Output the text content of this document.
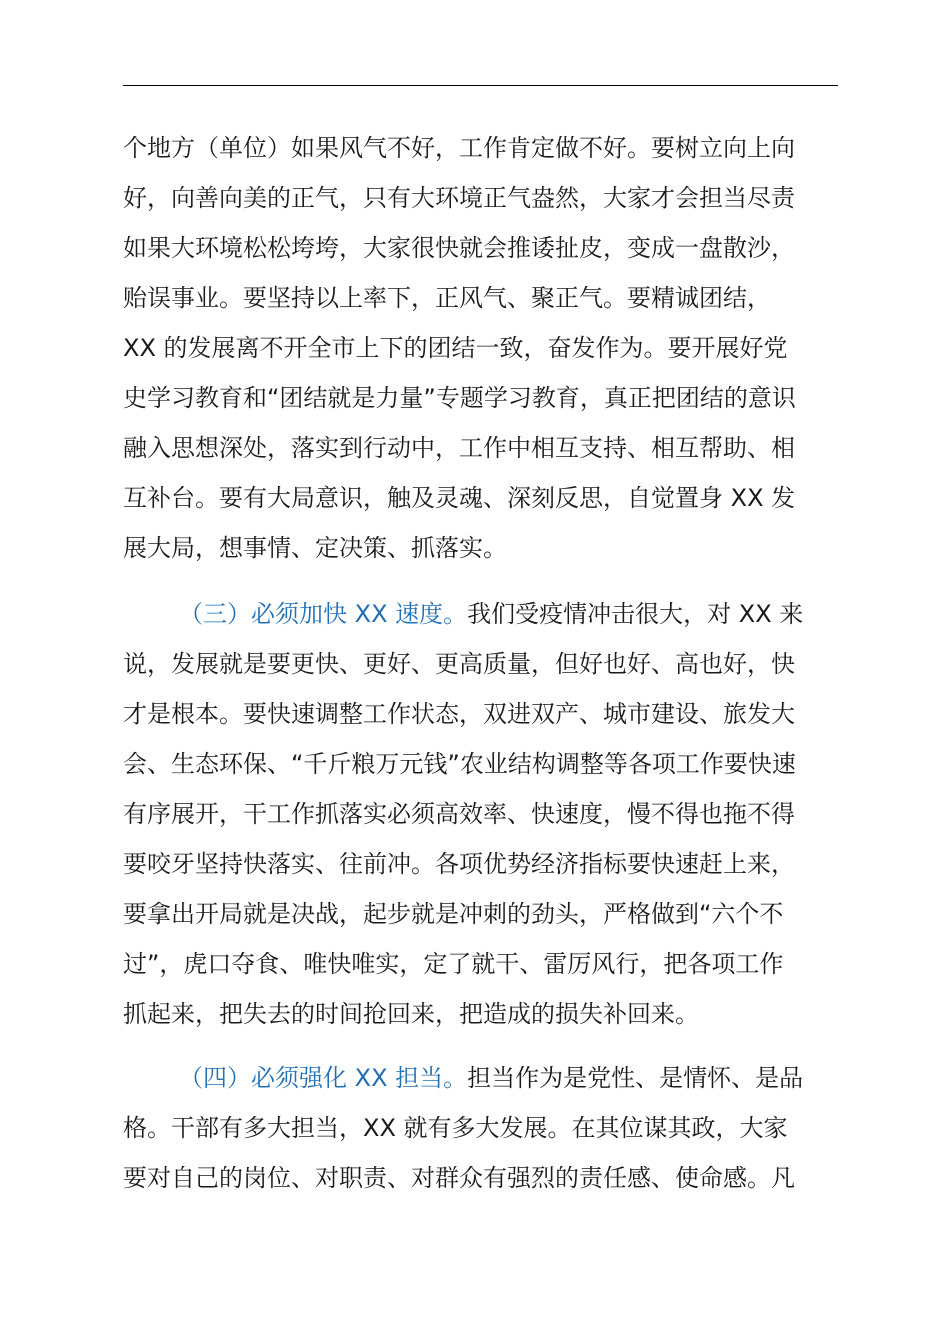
个地方（单位）如果风气不好，工作肯定做不好。要树立向上向
好，向善向美的正气，只有大环境正气盎然，大家才会担当尽责
如果大环境松松垮垮，大家很快就会推诿扯皮，变成一盘散沙，
贻误事业。要坚持以上率下，正风气、聚正气。要精诚团结，
XX 的发展离不开全市上下的团结一致，奋发作为。要开展好党
史学习教育和“团结就是力量”专题学习教育，真正把团结的意识
融入思想深处，落实到行动中，工作中相互支持、相互帮助、相
互补台。要有大局意识，触及灵魂、深刻反思，自觉置身 XX 发
展大局，想事情、定决策、抓落实。
（三）必须加快 XX 速度。我们受疫情冲击很大，对 XX 来
说，发展就是要更快、更好、更高质量，但好也好、高也好，快
才是根本。要快速调整工作状态，双进双产、城市建设、旅发大
会、生态环保、“千斤粮万元钱”农业结构调整等各项工作要快速
有序展开，干工作抓落实必须高效率、快速度，慢不得也拖不得
要咬牙坚持快落实、往前冲。各项优势经济指标要快速赶上来，
要拿出开局就是决战，起步就是冲刺的劲头，严格做到“六个不
过”，虎口夺食、唯快唯实，定了就干、雷厉风行，把各项工作
抓起来，把失去的时间抢回来，把造成的损失补回来。
（四）必须强化 XX 担当。担当作为是党性、是情怀、是品
格。干部有多大担当，XX 就有多大发展。在其位谋其政，大家
要对自己的岗位、对职责、对群众有强烈的责任感、使命感。凡
